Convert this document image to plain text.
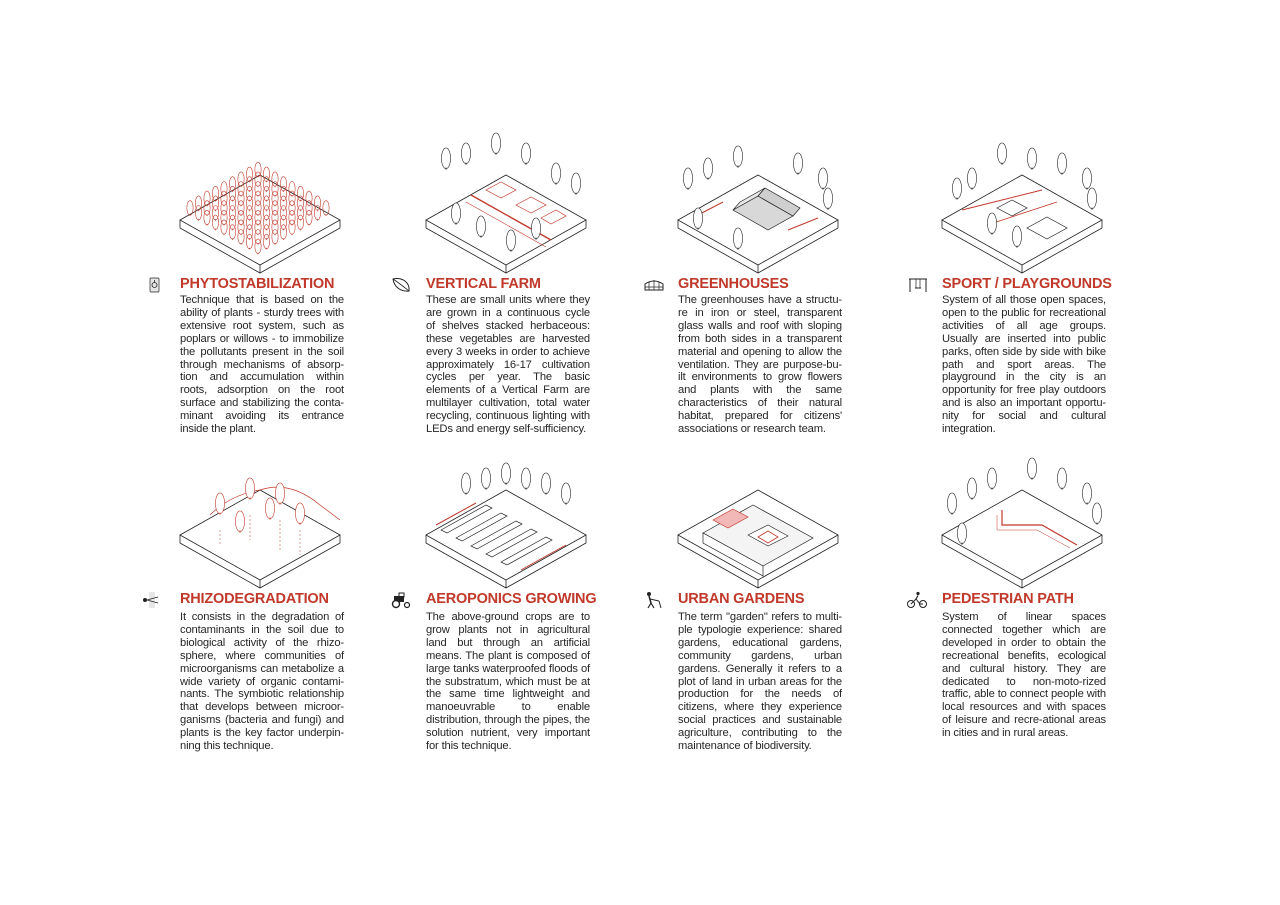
PHYTOSTABILIZATION

Technique that is based on the ability of plants - sturdy trees with extensive root system, such as poplars or willows - to immobilize the pollutants present in the soil through mechanisms of absorp-tion and accumulation within roots, adsorption on the root surface and stabilizing the conta-minant avoiding its entrance inside the plant.

VERTICAL FARM

These are small units where they are grown in a continuous cycle of shelves stacked herbaceous: these vegetables are harvested every 3 weeks in order to achieve approximately 16-17 cultivation cycles per year. The basic elements of a Vertical Farm are multilayer cultivation, total water recycling, continuous lighting with LEDs and energy self-sufficiency.

GREENHOUSES

The greenhouses have a structu-re in iron or steel, transparent glass walls and roof with sloping from both sides in a transparent material and opening to allow the ventilation. They are purpose-bu-ilt environments to grow flowers and plants with the same characteristics of their natural habitat, prepared for citizens' associations or research team.

SPORT / PLAYGROUNDS

System of all those open spaces, open to the public for recreational activities of all age groups. Usually are inserted into public parks, often side by side with bike path and sport areas. The playground in the city is an opportunity for free play outdoors and is also an important opportu-nity for social and cultural integration.

RHIZODEGRADATION

It consists in the degradation of contaminants in the soil due to biological activity of the rhizo-sphere, where communities of microorganisms can metabolize a wide variety of organic contami-nants. The symbiotic relationship that develops between microor-ganisms (bacteria and fungi) and plants is the key factor underpin-ning this technique.

AEROPONICS GROWING

The above-ground crops are to grow plants not in agricultural land but through an artificial means. The plant is composed of large tanks waterproofed floods of the substratum, which must be at the same time lightweight and manoeuvrable to enable distribution, through the pipes, the solution nutrient, very important for this technique.

URBAN GARDENS

The term "garden" refers to multi-ple typologie experience: shared gardens, educational gardens, community gardens, urban gardens. Generally it refers to a plot of land in urban areas for the production for the needs of citizens, where they experience social practices and sustainable agriculture, contributing to the maintenance of biodiversity.

PEDESTRIAN PATH

System of linear spaces connected together which are developed in order to obtain the recreational benefits, ecological and cultural history. They are dedicated to non-moto-rized traffic, able to connect people with local resources and with spaces of leisure and recre-ational areas in cities and in rural areas.
